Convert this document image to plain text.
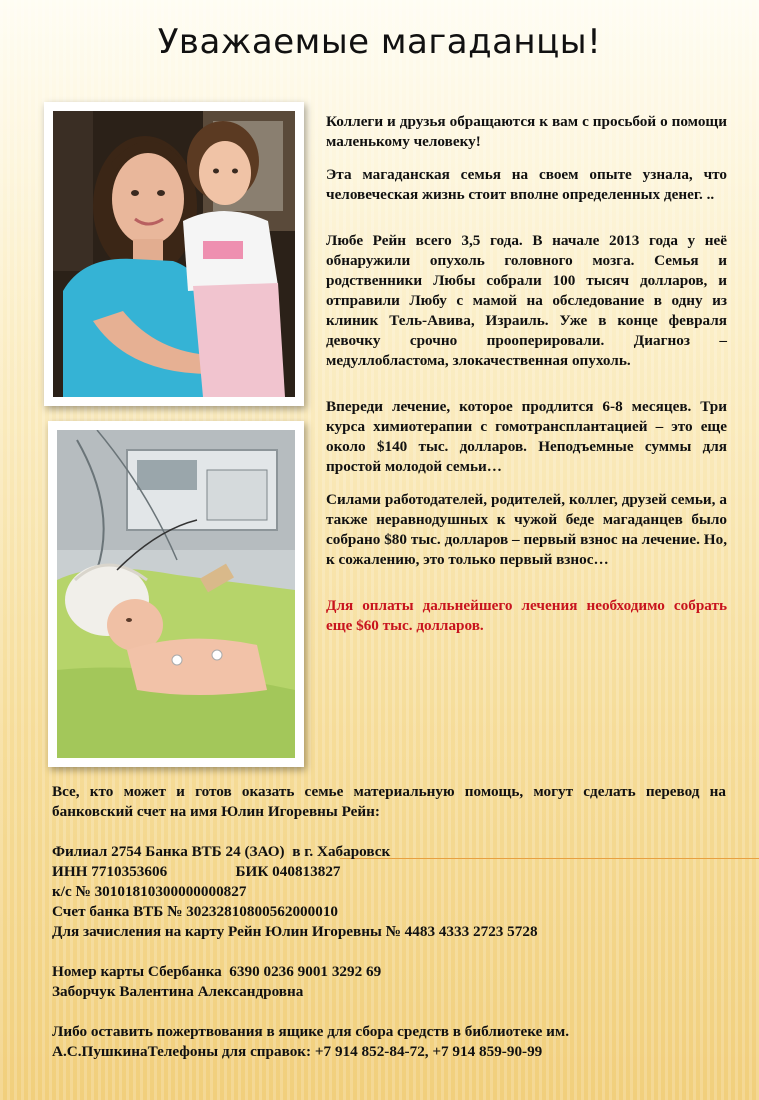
Уважаемые магаданцы!

Коллеги и друзья обращаются к вам с просьбой о помощи маленькому человеку!

Эта магаданская семья на своем опыте узнала, что человеческая жизнь стоит вполне определенных денег. ..

Любе Рейн всего 3,5 года. В начале 2013 года у неё обнаружили опухоль головного мозга. Семья и родственники Любы собрали 100 тысяч долларов, и отправили Любу с мамой на обследование в одну из клиник Тель-Авива, Израиль. Уже в конце февраля девочку срочно прооперировали. Диагноз – медуллобластома, злокачественная опухоль.

Впереди лечение, которое продлится 6-8 месяцев. Три курса химиотерапии с гомотрансплантацией – это еще около $140 тыс. долларов. Неподъемные суммы для простой молодой семьи…

Силами работодателей, родителей, коллег, друзей семьи, а также неравнодушных к чужой беде магаданцев было собрано $80 тыс. долларов – первый взнос на лечение. Но, к сожалению, это только первый взнос…

Для оплаты дальнейшего лечения необходимо собрать еще $60 тыс. долларов.

Все, кто может и готов оказать семье материальную помощь, могут сделать перевод на банковский счет на имя Юлин Игоревны Рейн:

Филиал 2754 Банка ВТБ 24 (ЗАО)  в г. Хабаровск
ИНН 7710353606                  БИК 040813827
к/с № 30101810300000000827
Счет банка ВТБ № 30232810800562000010
Для зачисления на карту Рейн Юлин Игоревны № 4483 4333 2723 5728
Номер карты Сбербанка  6390 0236 9001 3292 69
Заборчук Валентина Александровна
Либо оставить пожертвования в ящике для сбора средств в библиотеке им.
А.С.ПушкинаТелефоны для справок: +7 914 852-84-72, +7 914 859-90-99
